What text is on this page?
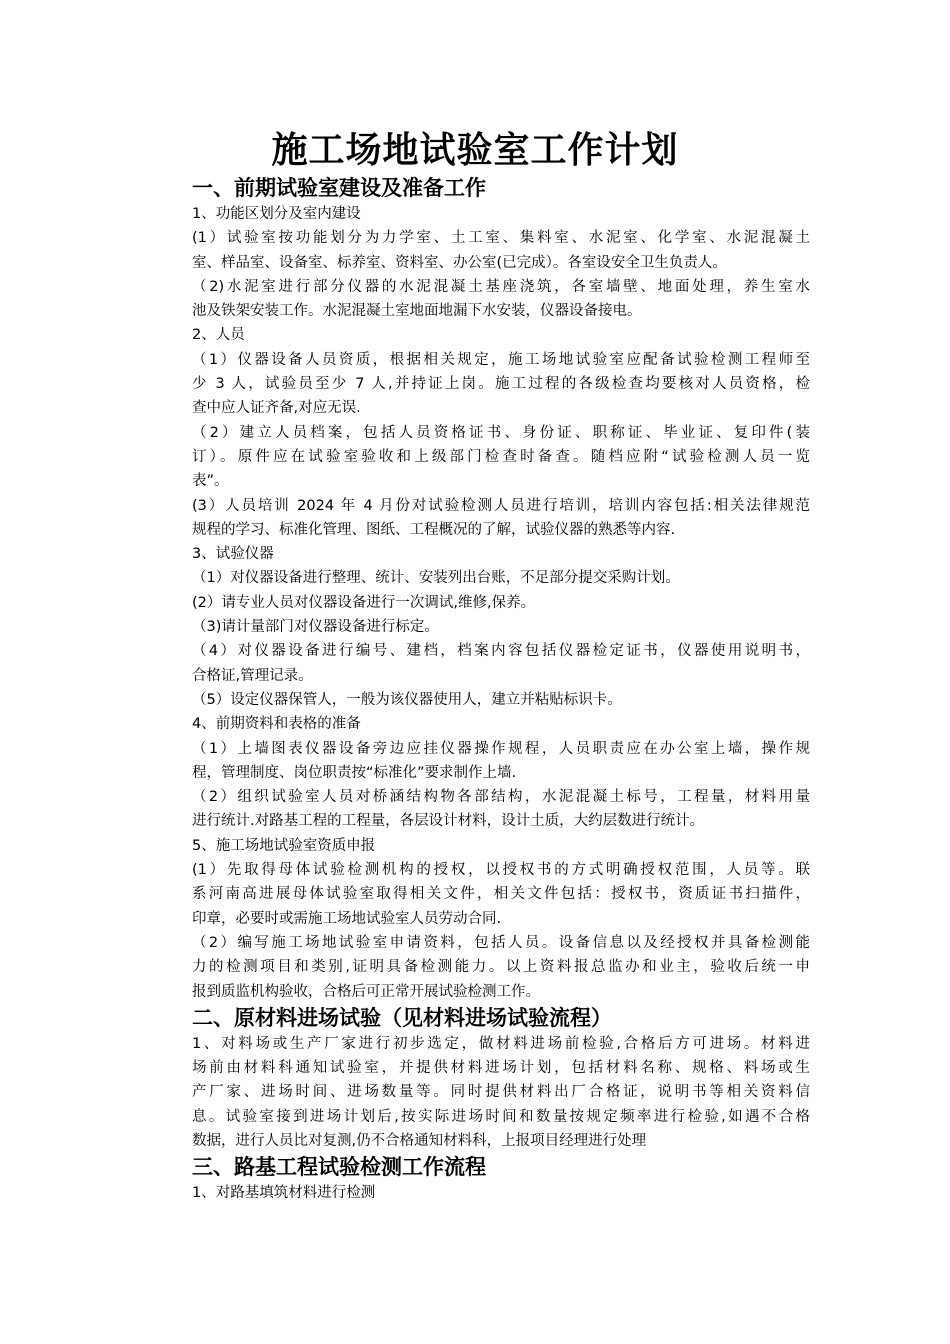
施工场地试验室工作计划
一、前期试验室建设及准备工作
1、功能区划分及室内建设
(1）试验室按功能划分为力学室、土工室、集料室、水泥室、化学室、水泥混凝土
室、样品室、设备室、标养室、资料室、办公室(已完成）。各室设安全卫生负责人。
（2)水泥室进行部分仪器的水泥混凝土基座浇筑，各室墙壁、地面处理，养生室水
池及铁架安装工作。水泥混凝土室地面地漏下水安装，仪器设备接电。
2、人员
（1）仪器设备人员资质，根据相关规定，施工场地试验室应配备试验检测工程师至
少 3 人，试验员至少 7 人,并持证上岗。施工过程的各级检查均要核对人员资格，检
查中应人证齐备,对应无误.
（2）建立人员档案，包括人员资格证书、身份证、职称证、毕业证、复印件(装
订）。原件应在试验室验收和上级部门检查时备查。随档应附“试验检测人员一览
表”。
(3）人员培训 2024 年 4 月份对试验检测人员进行培训，培训内容包括:相关法律规范
规程的学习、标准化管理、图纸、工程概况的了解，试验仪器的熟悉等内容.
3、试验仪器
（1）对仪器设备进行整理、统计、安装列出台账，不足部分提交采购计划。
(2）请专业人员对仪器设备进行一次调试,维修,保养。
（3)请计量部门对仪器设备进行标定。
（4）对仪器设备进行编号、建档，档案内容包括仪器检定证书，仪器使用说明书，
合格证,管理记录。
（5）设定仪器保管人，一般为该仪器使用人，建立并粘贴标识卡。
4、前期资料和表格的准备
（1）上墙图表仪器设备旁边应挂仪器操作规程，人员职责应在办公室上墙，操作规
程，管理制度、岗位职责按“标准化”要求制作上墙.
（2）组织试验室人员对桥涵结构物各部结构，水泥混凝土标号，工程量，材料用量
进行统计.对路基工程的工程量，各层设计材料，设计土质，大约层数进行统计。
5、施工场地试验室资质申报
(1）先取得母体试验检测机构的授权，以授权书的方式明确授权范围，人员等。联
系河南高进展母体试验室取得相关文件，相关文件包括：授权书，资质证书扫描件，
印章，必要时或需施工场地试验室人员劳动合同.
（2）编写施工场地试验室申请资料，包括人员。设备信息以及经授权并具备检测能
力的检测项目和类别,证明具备检测能力。以上资料报总监办和业主，验收后统一申
报到质监机构验收，合格后可正常开展试验检测工作。
二、原材料进场试验（见材料进场试验流程）
1、对料场或生产厂家进行初步选定，做材料进场前检验,合格后方可进场。材料进
场前由材料科通知试验室，并提供材料进场计划，包括材料名称、规格、料场或生
产厂家、进场时间、进场数量等。同时提供材料出厂合格证，说明书等相关资料信
息。试验室接到进场计划后,按实际进场时间和数量按规定频率进行检验,如遇不合格
数据，进行人员比对复测,仍不合格通知材料科，上报项目经理进行处理
三、路基工程试验检测工作流程
1、对路基填筑材料进行检测
